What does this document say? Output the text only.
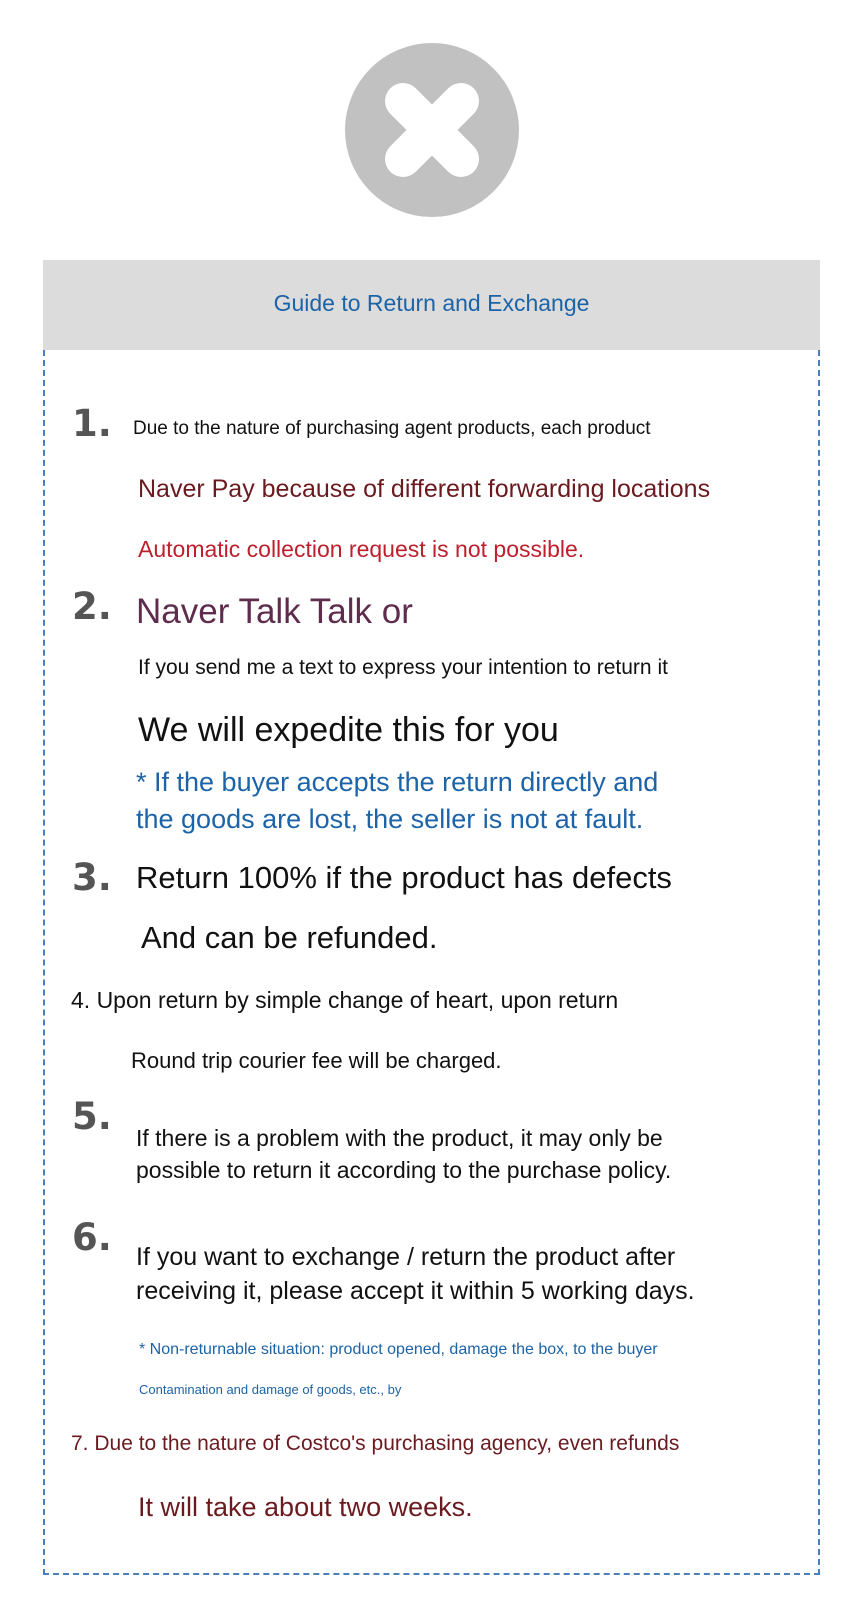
Guide to Return and Exchange

1. Due to the nature of purchasing agent products, each product

Naver Pay because of different forwarding locations

Automatic collection request is not possible.

2. Naver Talk Talk or

If you send me a text to express your intention to return it

We will expedite this for you

* If the buyer accepts the return directly and

the goods are lost, the seller is not at fault.

3. Return 100% if the product has defects

And can be refunded.

4. Upon return by simple change of heart, upon return

Round trip courier fee will be charged.

5. If there is a problem with the product, it may only be

possible to return it according to the purchase policy.

6. If you want to exchange / return the product after

receiving it, please accept it within 5 working days.

* Non-returnable situation: product opened, damage the box, to the buyer

Contamination and damage of goods, etc., by

7. Due to the nature of Costco's purchasing agency, even refunds

It will take about two weeks.
